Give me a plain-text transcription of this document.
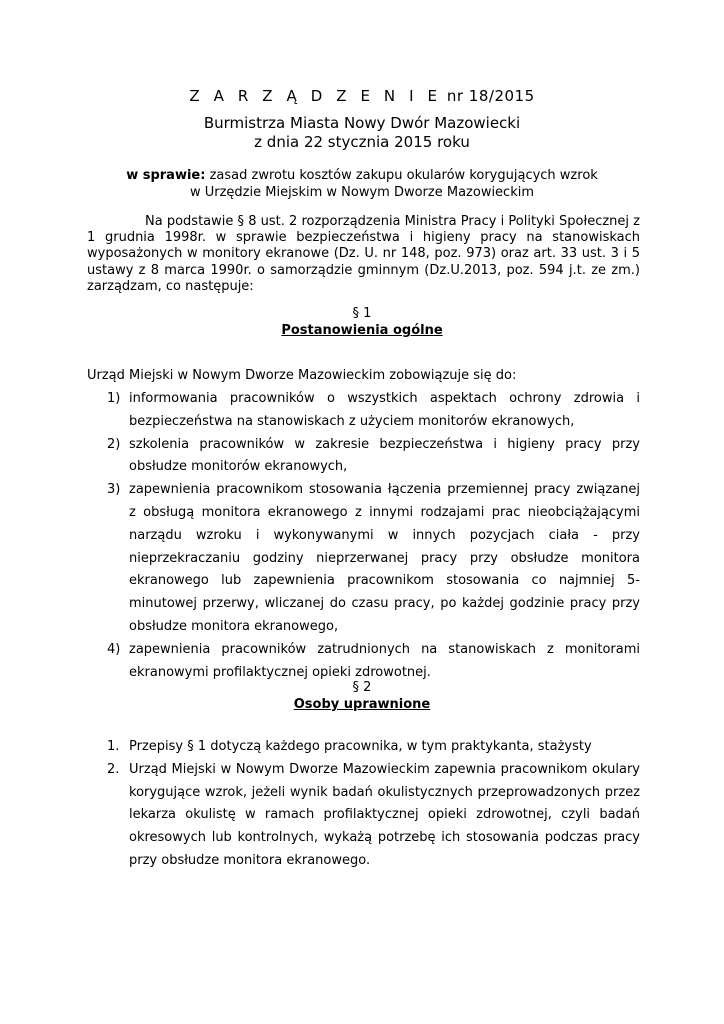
Z A R Z Ą D Z E N I E nr 18/2015
Burmistrza Miasta Nowy Dwór Mazowiecki
z dnia 22 stycznia 2015 roku
w sprawie: zasad zwrotu kosztów zakupu okularów korygujących wzrok
w Urzędzie Miejskim w Nowym Dworze Mazowieckim
Na podstawie § 8 ust. 2 rozporządzenia Ministra Pracy i Polityki Społecznej z 1 grudnia 1998r. w sprawie bezpieczeństwa i higieny pracy na stanowiskach wyposażonych w monitory ekranowe (Dz. U. nr 148, poz. 973) oraz art. 33 ust. 3 i 5 ustawy z 8 marca 1990r. o samorządzie gminnym (Dz.U.2013, poz. 594 j.t. ze zm.) zarządzam, co następuje:
§ 1
Postanowienia ogólne
Urząd Miejski w Nowym Dworze Mazowieckim zobowiązuje się do:
1) informowania pracowników o wszystkich aspektach ochrony zdrowia i bezpieczeństwa na stanowiskach z użyciem monitorów ekranowych,
2) szkolenia pracowników w zakresie bezpieczeństwa i higieny pracy przy obsłudze monitorów ekranowych,
3) zapewnienia pracownikom stosowania łączenia przemiennej pracy związanej z obsługą monitora ekranowego z innymi rodzajami prac nieobciążającymi narządu wzroku i wykonywanymi w innych pozycjach ciała - przy nieprzekraczaniu godziny nieprzerwanej pracy przy obsłudze monitora ekranowego lub zapewnienia pracownikom stosowania co najmniej 5-minutowej przerwy, wliczanej do czasu pracy, po każdej godzinie pracy przy obsłudze monitora ekranowego,
4) zapewnienia pracowników zatrudnionych na stanowiskach z monitorami ekranowymi profilaktycznej opieki zdrowotnej.
§ 2
Osoby uprawnione
1. Przepisy § 1 dotyczą każdego pracownika, w tym praktykanta, stażysty
2. Urząd Miejski w Nowym Dworze Mazowieckim zapewnia pracownikom okulary korygujące wzrok, jeżeli wynik badań okulistycznych przeprowadzonych przez lekarza okulistę w ramach profilaktycznej opieki zdrowotnej, czyli badań okresowych lub kontrolnych, wykażą potrzebę ich stosowania podczas pracy przy obsłudze monitora ekranowego.
